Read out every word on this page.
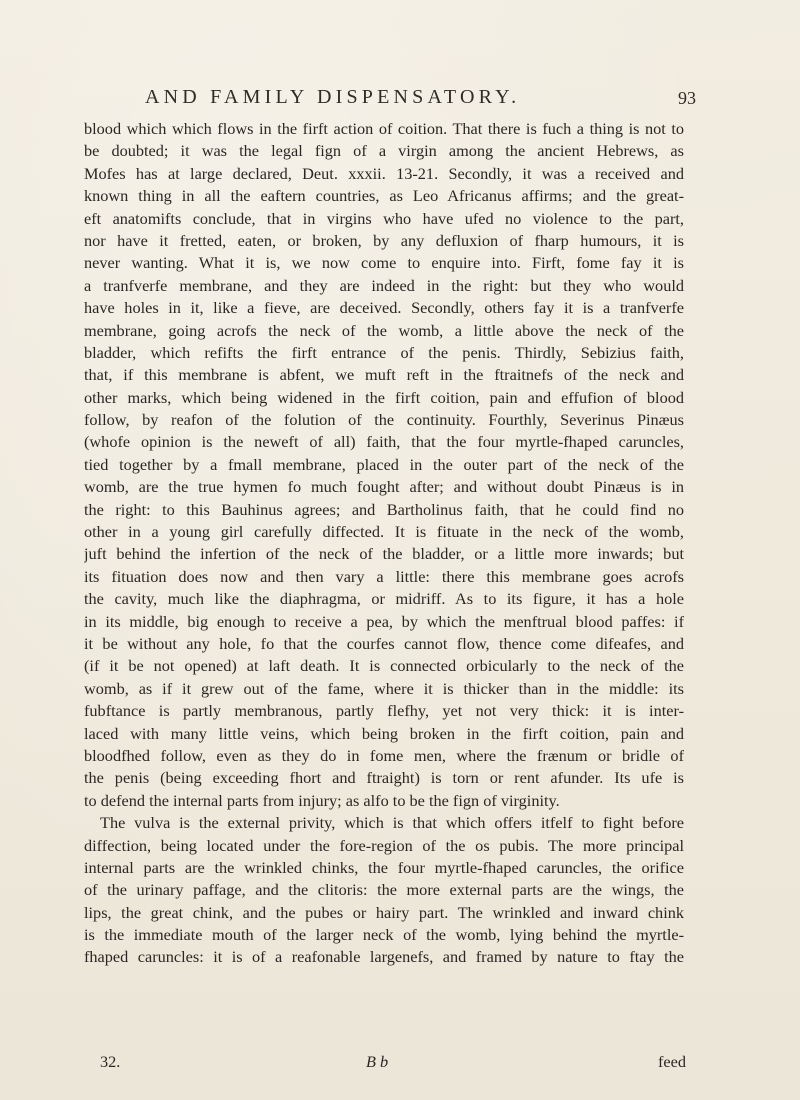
AND FAMILY DISPENSATORY.	93
blood which which flows in the firft action of coition. That there is fuch a thing is not to
be doubted; it was the legal fign of a virgin among the ancient Hebrews, as
Mofes has at large declared, Deut. xxxii. 13-21. Secondly, it was a received and
known thing in all the eaftern countries, as Leo Africanus affirms; and the great-
eft anatomifts conclude, that in virgins who have ufed no violence to the part,
nor have it fretted, eaten, or broken, by any defluxion of fharp humours, it is
never wanting. What it is, we now come to enquire into. Firft, fome fay it is
a tranfverfe membrane, and they are indeed in the right: but they who would
have holes in it, like a fieve, are deceived. Secondly, others fay it is a tranfverfe
membrane, going acrofs the neck of the womb, a little above the neck of the
bladder, which refifts the firft entrance of the penis. Thirdly, Sebizius faith,
that, if this membrane is abfent, we muft reft in the ftraitnefs of the neck and
other marks, which being widened in the firft coition, pain and effufion of blood
follow, by reafon of the folution of the continuity. Fourthly, Severinus Pinæus
(whofe opinion is the neweft of all) faith, that the four myrtle-fhaped caruncles,
tied together by a fmall membrane, placed in the outer part of the neck of the
womb, are the true hymen fo much fought after; and without doubt Pinæus is in
the right: to this Bauhinus agrees; and Bartholinus faith, that he could find no
other in a young girl carefully diffected. It is fituate in the neck of the womb,
juft behind the infertion of the neck of the bladder, or a little more inwards; but
its fituation does now and then vary a little: there this membrane goes acrofs
the cavity, much like the diaphragma, or midriff. As to its figure, it has a hole
in its middle, big enough to receive a pea, by which the menftrual blood paffes: if
it be without any hole, fo that the courfes cannot flow, thence come difeafes, and
(if it be not opened) at laft death. It is connected orbicularly to the neck of the
womb, as if it grew out of the fame, where it is thicker than in the middle: its
fubftance is partly membranous, partly flefhy, yet not very thick: it is inter-
laced with many little veins, which being broken in the firft coition, pain and
bloodfhed follow, even as they do in fome men, where the frænum or bridle of
the penis (being exceeding fhort and ftraight) is torn or rent afunder. Its ufe is
to defend the internal parts from injury; as alfo to be the fign of virginity.
The vulva is the external privity, which is that which offers itfelf to fight before
diffection, being located under the fore-region of the os pubis. The more principal
internal parts are the wrinkled chinks, the four myrtle-fhaped caruncles, the orifice
of the urinary paffage, and the clitoris: the more external parts are the wings, the
lips, the great chink, and the pubes or hairy part. The wrinkled and inward chink
is the immediate mouth of the larger neck of the womb, lying behind the myrtle-
fhaped caruncles: it is of a reafonable largenefs, and framed by nature to ftay the
32.	B b	feed
